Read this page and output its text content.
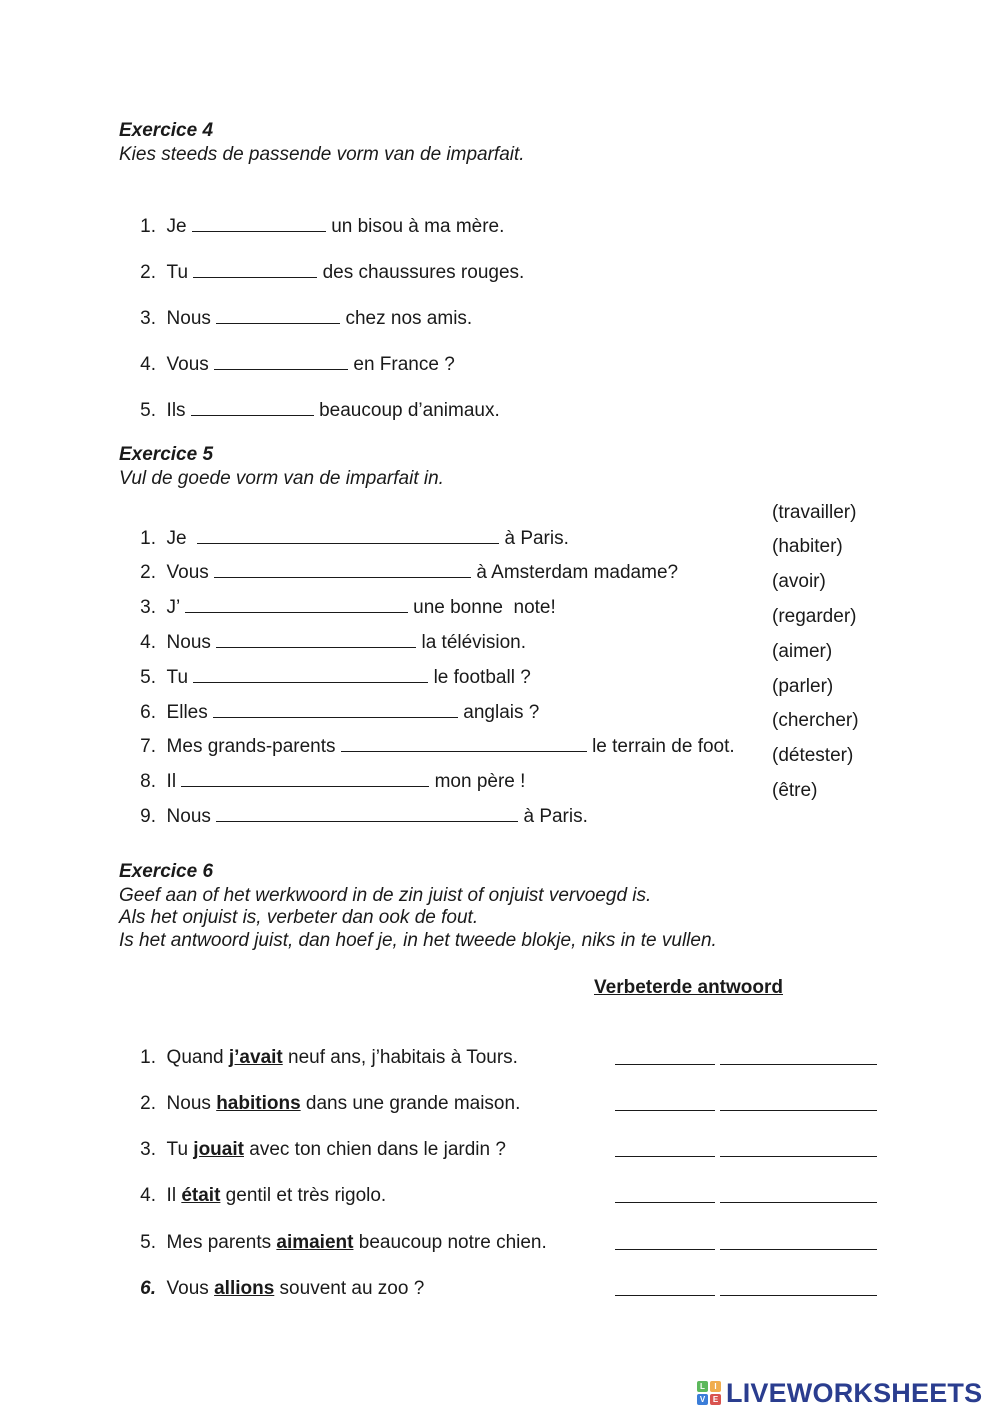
Exercice 4
Kies steeds de passende vorm van de imparfait.

1. Je	un bisou à ma mère.

2. Tu	des chaussures rouges.

3. Nous	chez nos amis.

4. Vous	en France ?

5. Ils	beaucoup d’animaux.

Exercice 5
Vul de goede vorm van de imparfait in.

1. Je	à Paris.

(travailler)

2. Vous	à Amsterdam madame?

(habiter)

3. J’	une bonne  note!

(avoir)

4. Nous	la télévision.

(regarder)

5. Tu	le football ?

(aimer)

6. Elles	anglais ?

(parler)

7. Mes grands-parents	le terrain de foot.

(chercher)

8. Il	mon père !

(détester)

9. Nous	à Paris.

(être)
Exercice 6
Geef aan of het werkwoord in de zin juist of onjuist vervoegd is.
Als het onjuist is, verbeter dan ook de fout.
Is het antwoord juist, dan hoef je, in het tweede blokje, niks in te vullen.
Verbeterde antwoord

1. Quand j’avait neuf ans, j’habitais à Tours.

2. Nous habitions dans une grande maison.

3. Tu jouait avec ton chien dans le jardin ?

4. Il était gentil et très rigolo.

5. Mes parents aimaient beaucoup notre chien.

6. Vous allions souvent au zoo ?

L	I
V E LIVEWORKSHEETS
